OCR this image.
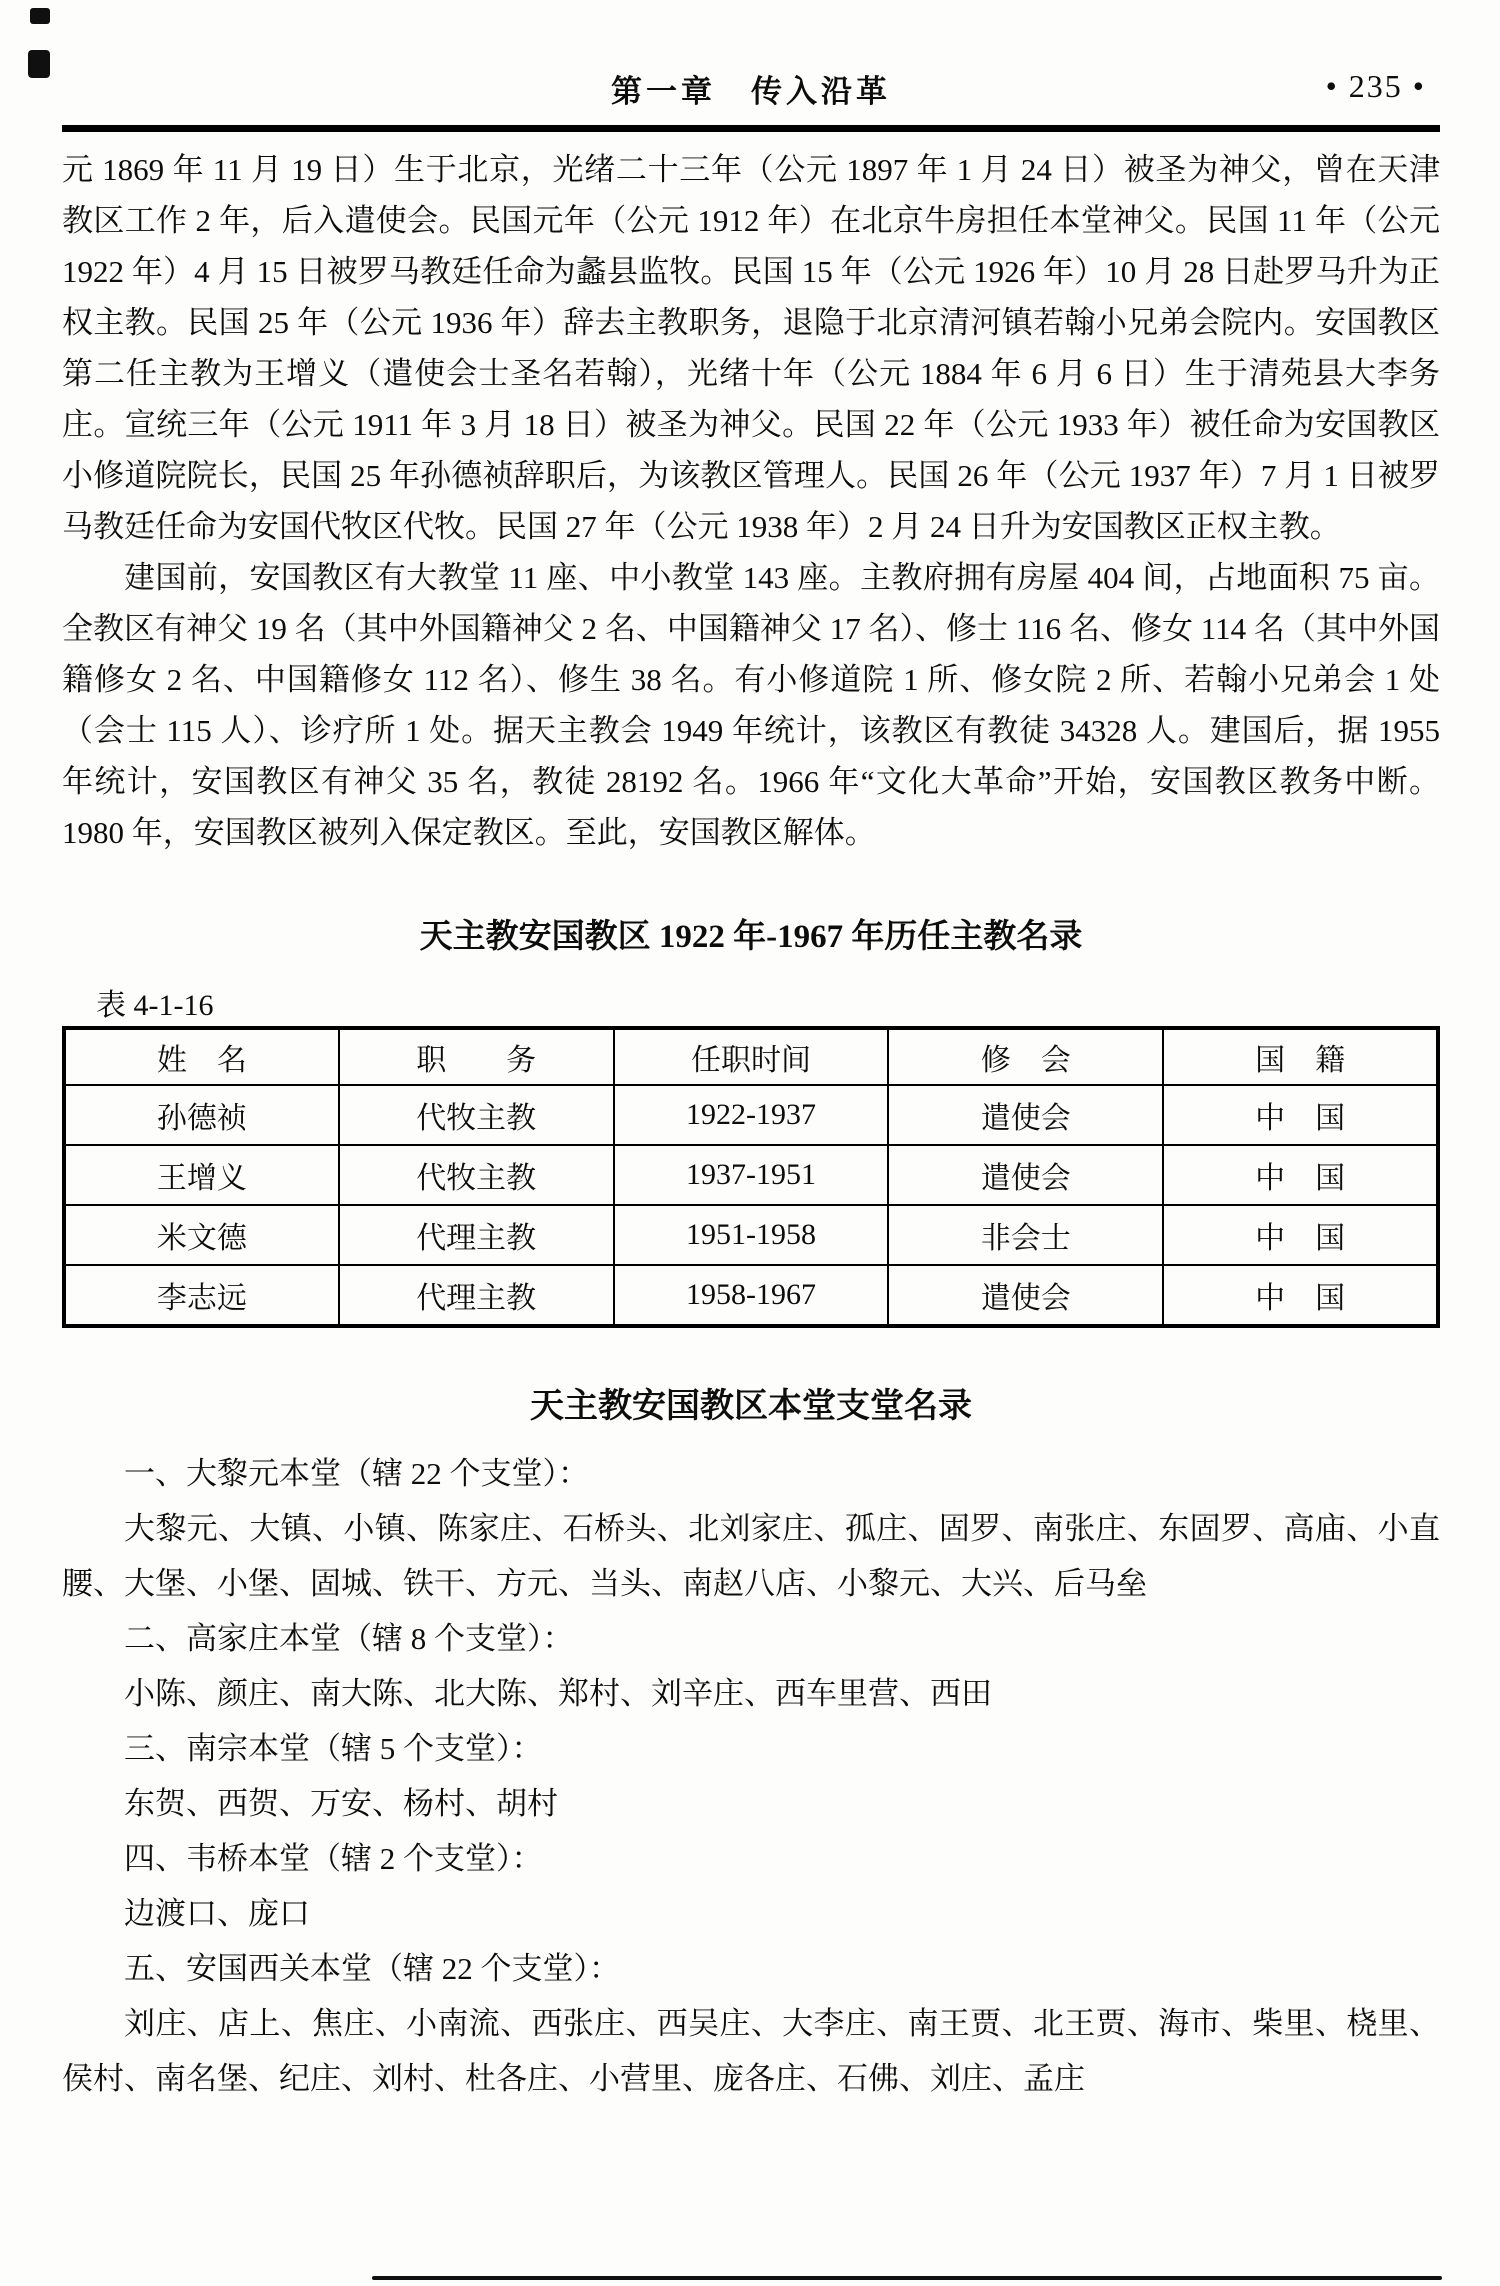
第一章　传入沿革	• 235 •

元 1869 年 11 月 19 日）生于北京，光绪二十三年（公元 1897 年 1 月 24 日）被圣为神父，曾在天津教区工作 2 年，后入遣使会。民国元年（公元 1912 年）在北京牛房担任本堂神父。民国 11 年（公元 1922 年）4 月 15 日被罗马教廷任命为蠡县监牧。民国 15 年（公元 1926 年）10 月 28 日赴罗马升为正权主教。民国 25 年（公元 1936 年）辞去主教职务，退隐于北京清河镇若翰小兄弟会院内。安国教区第二任主教为王增义（遣使会士圣名若翰），光绪十年（公元 1884 年 6 月 6 日）生于清苑县大李务庄。宣统三年（公元 1911 年 3 月 18 日）被圣为神父。民国 22 年（公元 1933 年）被任命为安国教区小修道院院长，民国 25 年孙德祯辞职后，为该教区管理人。民国 26 年（公元 1937 年）7 月 1 日被罗马教廷任命为安国代牧区代牧。民国 27 年（公元 1938 年）2 月 24 日升为安国教区正权主教。

建国前，安国教区有大教堂 11 座、中小教堂 143 座。主教府拥有房屋 404 间，占地面积 75 亩。全教区有神父 19 名（其中外国籍神父 2 名、中国籍神父 17 名）、修士 116 名、修女 114 名（其中外国籍修女 2 名、中国籍修女 112 名）、修生 38 名。有小修道院 1 所、修女院 2 所、若翰小兄弟会 1 处（会士 115 人）、诊疗所 1 处。据天主教会 1949 年统计，该教区有教徒 34328 人。建国后，据 1955 年统计，安国教区有神父 35 名，教徒 28192 名。1966 年“文化大革命”开始，安国教区教务中断。1980 年，安国教区被列入保定教区。至此，安国教区解体。

天主教安国教区 1922 年-1967 年历任主教名录
表 4-1-16
姓　名	职　　务	任职时间	修　会	国　籍
孙德祯	代牧主教	1922-1937	遣使会	中　国
王增义	代牧主教	1937-1951	遣使会	中　国
米文德	代理主教	1951-1958	非会士	中　国
李志远	代理主教	1958-1967	遣使会	中　国
天主教安国教区本堂支堂名录

一、大黎元本堂（辖 22 个支堂）：

大黎元、大镇、小镇、陈家庄、石桥头、北刘家庄、孤庄、固罗、南张庄、东固罗、高庙、小直腰、大堡、小堡、固城、铁干、方元、当头、南赵八店、小黎元、大兴、后马垒

二、高家庄本堂（辖 8 个支堂）：

小陈、颜庄、南大陈、北大陈、郑村、刘辛庄、西车里营、西田

三、南宗本堂（辖 5 个支堂）：

东贺、西贺、万安、杨村、胡村

四、韦桥本堂（辖 2 个支堂）：

边渡口、庞口

五、安国西关本堂（辖 22 个支堂）：

刘庄、店上、焦庄、小南流、西张庄、西吴庄、大李庄、南王贾、北王贾、海市、柴里、桡里、侯村、南名堡、纪庄、刘村、杜各庄、小营里、庞各庄、石佛、刘庄、孟庄
